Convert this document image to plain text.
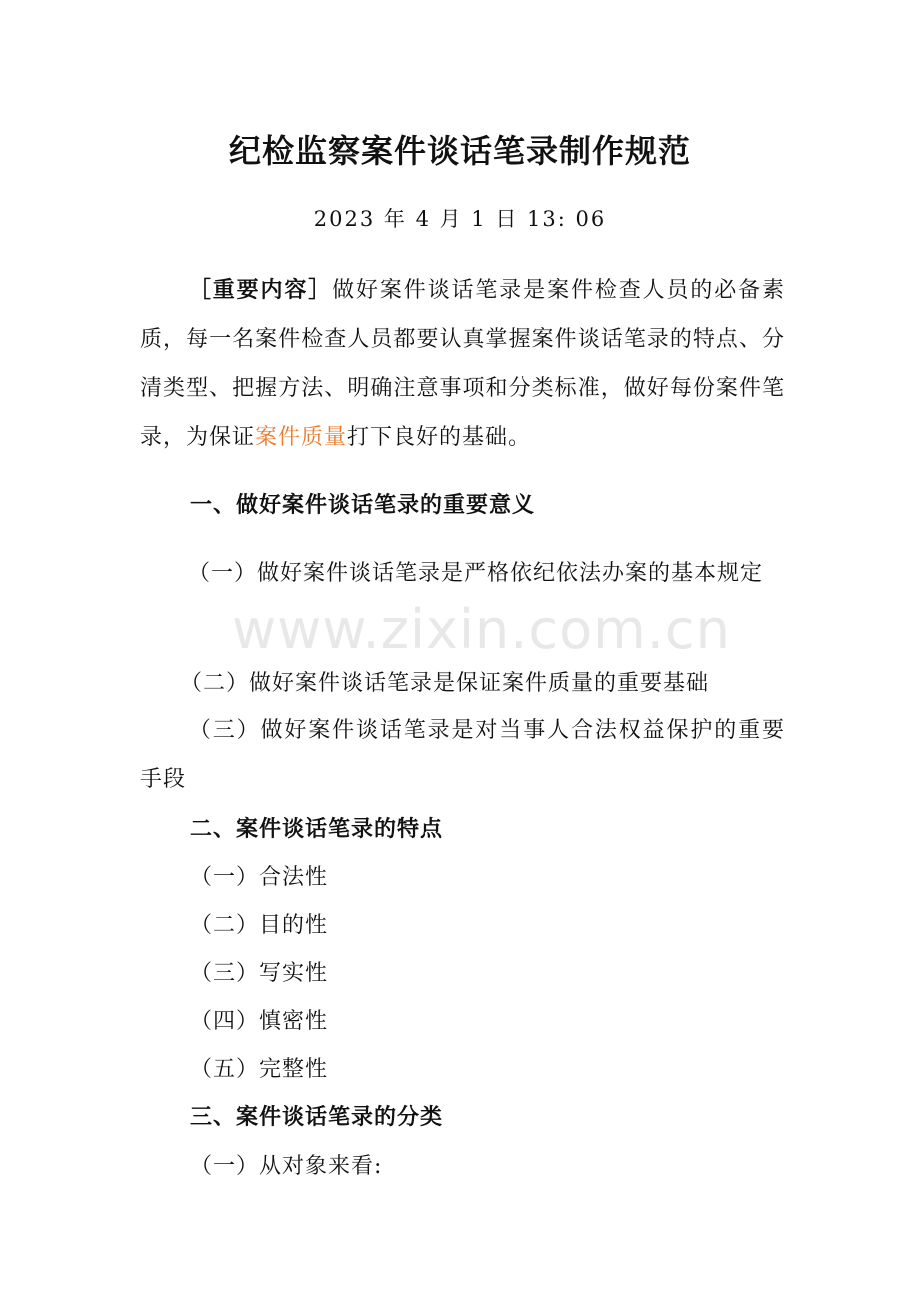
纪检监察案件谈话笔录制作规范
2023 年 4 月 1 日 13: 06
［重要内容］做好案件谈话笔录是案件检查人员的必备素质，每一名案件检查人员都要认真掌握案件谈话笔录的特点、分清类型、把握方法、明确注意事项和分类标准，做好每份案件笔录，为保证案件质量打下良好的基础。
一、做好案件谈话笔录的重要意义
（一）做好案件谈话笔录是严格依纪依法办案的基本规定
（二）做好案件谈话笔录是保证案件质量的重要基础
（三）做好案件谈话笔录是对当事人合法权益保护的重要手段
二、案件谈话笔录的特点
（一）合法性
（二）目的性
（三）写实性
（四）慎密性
（五）完整性
三、案件谈话笔录的分类
（一）从对象来看:
www.zixin.com.cn
